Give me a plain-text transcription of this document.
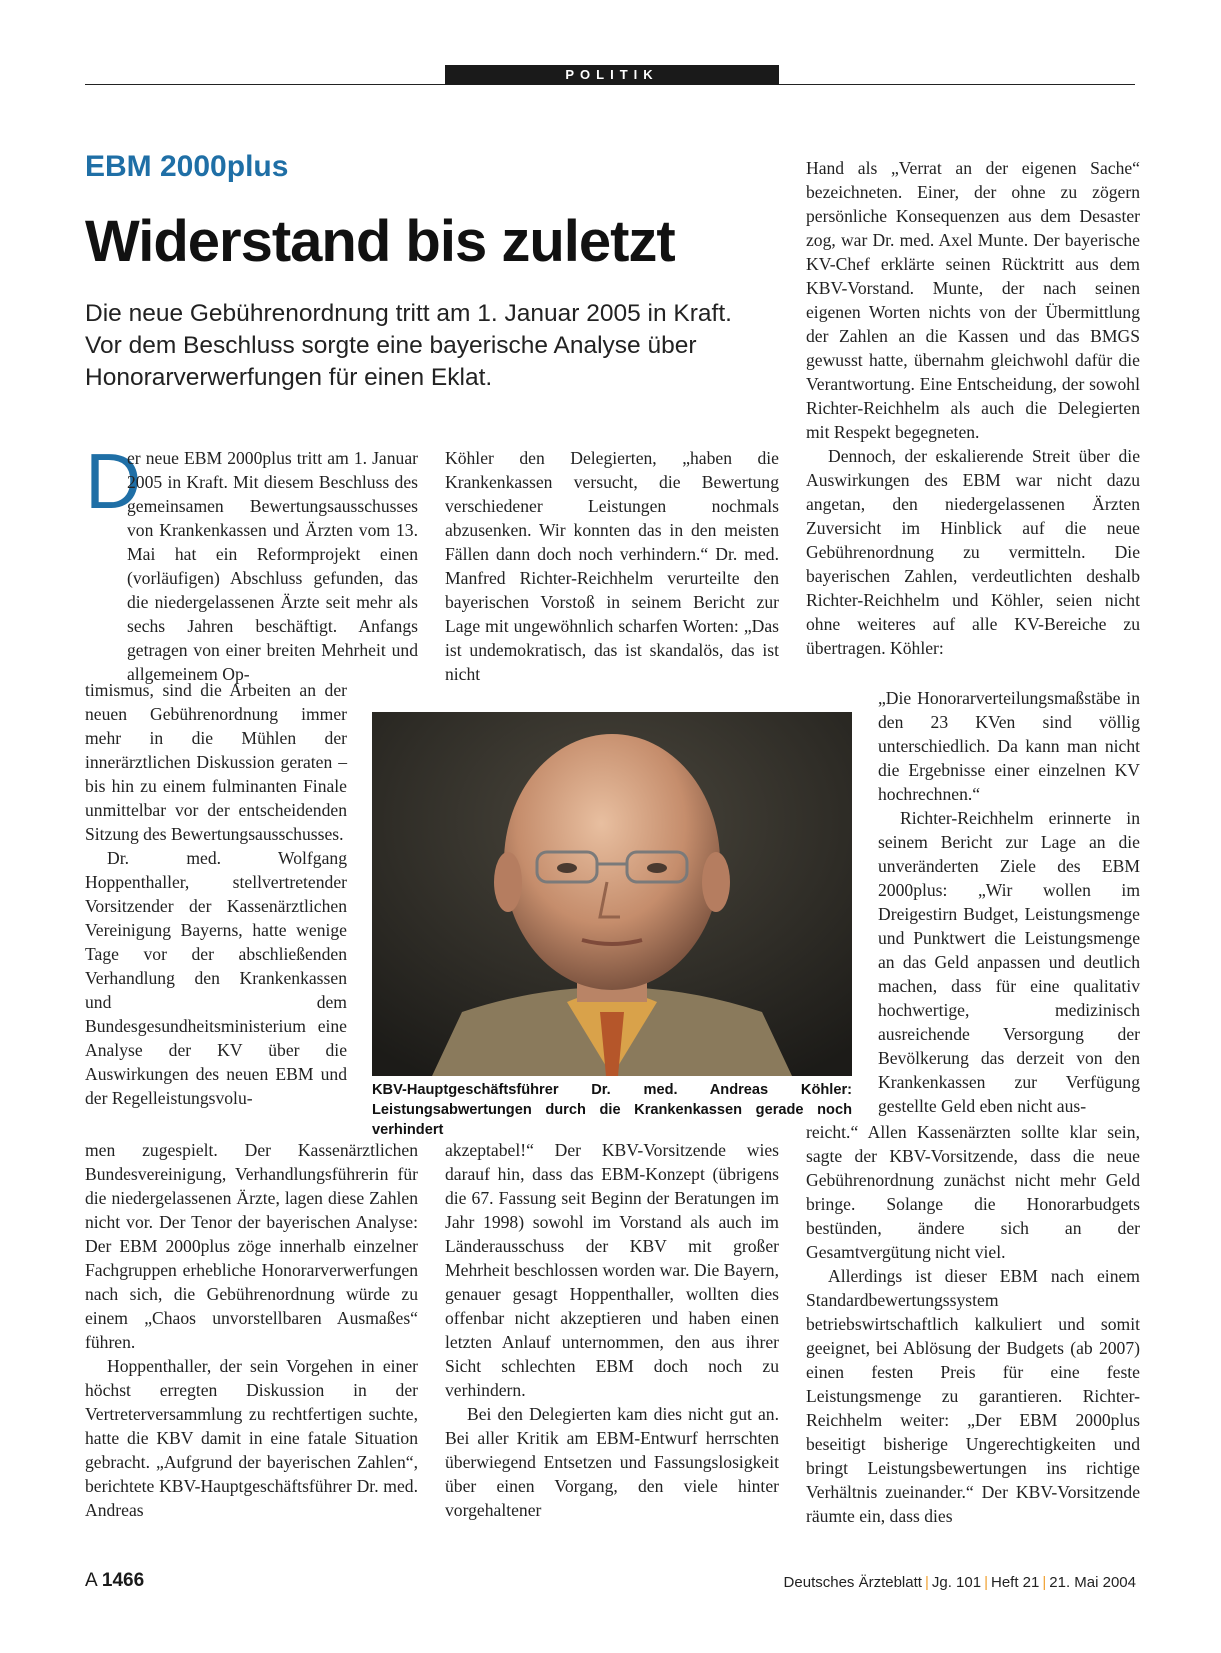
POLITIK
EBM 2000plus
Widerstand bis zuletzt
Die neue Gebührenordnung tritt am 1. Januar 2005 in Kraft. Vor dem Beschluss sorgte eine bayerische Analyse über Honorarverwerfungen für einen Eklat.
D

er neue EBM 2000plus tritt am 1. Januar 2005 in Kraft. Mit diesem Beschluss des gemeinsamen Bewertungsausschusses von Krankenkassen und Ärzten vom 13. Mai hat ein Reformprojekt einen (vorläufigen) Abschluss gefunden, das die niedergelassenen Ärzte seit mehr als sechs Jahren beschäftigt. Anfangs getragen von einer breiten Mehrheit und allgemeinem Op-

timismus, sind die Arbeiten an der neuen Gebührenordnung immer mehr in die Mühlen der innerärztlichen Diskussion geraten – bis hin zu einem fulminanten Finale unmittelbar vor der entscheidenden Sitzung des Bewertungsausschusses.

Dr. med. Wolfgang Hoppenthaller, stellvertretender Vorsitzender der Kassenärztlichen Vereinigung Bayerns, hatte wenige Tage vor der abschließenden Verhandlung den Krankenkassen und dem Bundesgesundheitsministerium eine Analyse der KV über die Auswirkungen des neuen EBM und der Regelleistungsvolu-

men zugespielt. Der Kassenärztlichen Bundesvereinigung, Verhandlungsführerin für die niedergelassenen Ärzte, lagen diese Zahlen nicht vor. Der Tenor der bayerischen Analyse: Der EBM 2000plus zöge innerhalb einzelner Fachgruppen erhebliche Honorarverwerfungen nach sich, die Gebührenordnung würde zu einem „Chaos unvorstellbaren Ausmaßes“ führen.

Hoppenthaller, der sein Vorgehen in einer höchst erregten Diskussion in der Vertreterversammlung zu rechtfertigen suchte, hatte die KBV damit in eine fatale Situation gebracht. „Aufgrund der bayerischen Zahlen“, berichtete KBV-Hauptgeschäftsführer Dr. med. Andreas

Köhler den Delegierten, „haben die Krankenkassen versucht, die Bewertung verschiedener Leistungen nochmals abzusenken. Wir konnten das in den meisten Fällen dann doch noch verhindern.“ Dr. med. Manfred Richter-Reichhelm verurteilte den bayerischen Vorstoß in seinem Bericht zur Lage mit ungewöhnlich scharfen Worten: „Das ist undemokratisch, das ist skandalös, das ist nicht

akzeptabel!“ Der KBV-Vorsitzende wies darauf hin, dass das EBM-Konzept (übrigens die 67. Fassung seit Beginn der Beratungen im Jahr 1998) sowohl im Vorstand als auch im Länderausschuss der KBV mit großer Mehrheit beschlossen worden war. Die Bayern, genauer gesagt Hoppenthaller, wollten dies offenbar nicht akzeptieren und haben einen letzten Anlauf unternommen, den aus ihrer Sicht schlechten EBM doch noch zu verhindern.

Bei den Delegierten kam dies nicht gut an. Bei aller Kritik am EBM-Entwurf herrschten überwiegend Entsetzen und Fassungslosigkeit über einen Vorgang, den viele hinter vorgehaltener

Hand als „Verrat an der eigenen Sache“ bezeichneten. Einer, der ohne zu zögern persönliche Konsequenzen aus dem Desaster zog, war Dr. med. Axel Munte. Der bayerische KV-Chef erklärte seinen Rücktritt aus dem KBV-Vorstand. Munte, der nach seinen eigenen Worten nichts von der Übermittlung der Zahlen an die Kassen und das BMGS gewusst hatte, übernahm gleichwohl dafür die Verantwortung. Eine Entscheidung, der sowohl Richter-Reichhelm als auch die Delegierten mit Respekt begegneten.

Dennoch, der eskalierende Streit über die Auswirkungen des EBM war nicht dazu angetan, den niedergelassenen Ärzten Zuversicht im Hinblick auf die neue Gebührenordnung zu vermitteln. Die bayerischen Zahlen, verdeutlichten deshalb Richter-Reichhelm und Köhler, seien nicht ohne weiteres auf alle KV-Bereiche zu übertragen. Köhler:

„Die Honorarverteilungsmaßstäbe in den 23 KVen sind völlig unterschiedlich. Da kann man nicht die Ergebnisse einer einzelnen KV hochrechnen.“

Richter-Reichhelm erinnerte in seinem Bericht zur Lage an die unveränderten Ziele des EBM 2000plus: „Wir wollen im Dreigestirn Budget, Leistungsmenge und Punktwert die Leistungsmenge an das Geld anpassen und deutlich machen, dass für eine qualitativ hochwertige, medizinisch ausreichende Versorgung der Bevölkerung das derzeit von den Krankenkassen zur Verfügung gestellte Geld eben nicht aus-

reicht.“ Allen Kassenärzten sollte klar sein, sagte der KBV-Vorsitzende, dass die neue Gebührenordnung zunächst nicht mehr Geld bringe. Solange die Honorarbudgets bestünden, ändere sich an der Gesamtvergütung nicht viel.

Allerdings ist dieser EBM nach einem Standardbewertungssystem betriebswirtschaftlich kalkuliert und somit geeignet, bei Ablösung der Budgets (ab 2007) einen festen Preis für eine feste Leistungsmenge zu garantieren. Richter-Reichhelm weiter: „Der EBM 2000plus beseitigt bisherige Ungerechtigkeiten und bringt Leistungsbewertungen ins richtige Verhältnis zueinander.“ Der KBV-Vorsitzende räumte ein, dass dies

KBV-Hauptgeschäftsführer Dr. med. Andreas Köhler: Leistungsabwertungen durch die Krankenkassen gerade noch verhindert
A 1466	Deutsches Ärzteblatt | Jg. 101 | Heft 21 | 21. Mai 2004
